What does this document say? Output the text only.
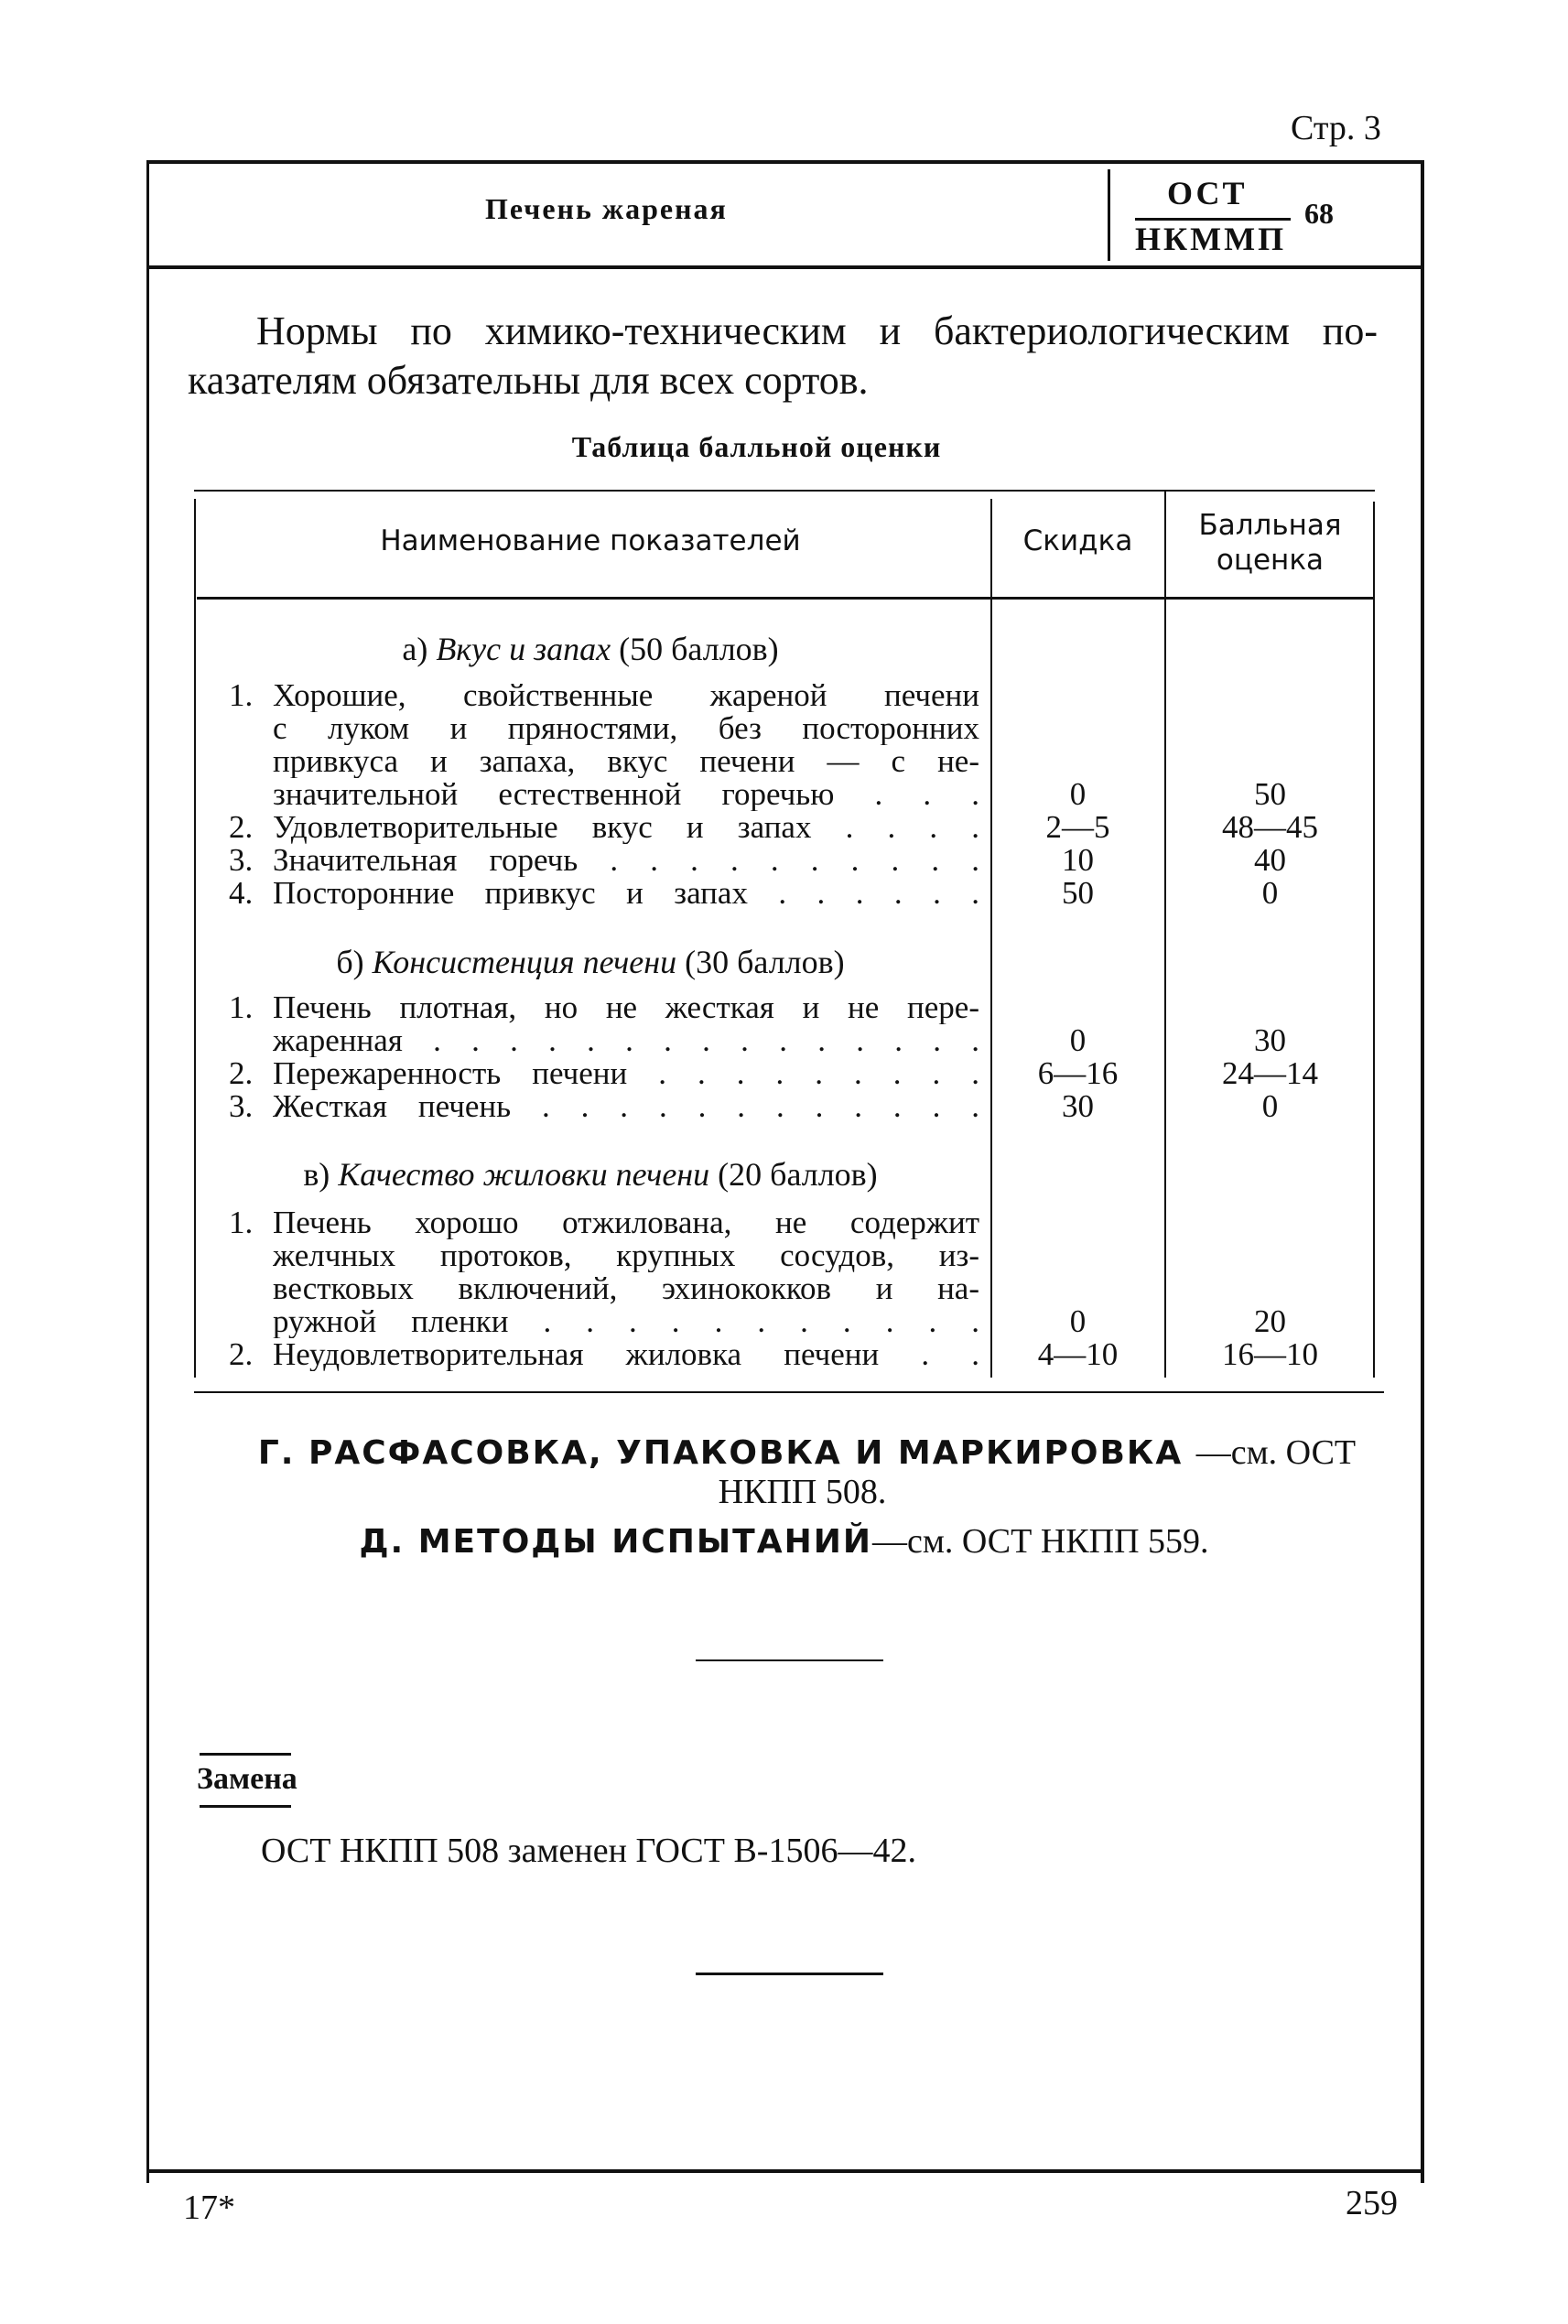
Стр. 3
Печень жареная	ОСТ
НКММП
68
Нормы по химико-техническим и бактериологическим по-
казателям обязательны для всех сортов.
Таблица балльной оценки
Наименование показателей	Скидка	Балльная
оценка
а) Вкус и запах (50 баллов)
1. Хорошие, свойственные жареной печени
с луком и пряностями, без посторонних
привкуса и запаха, вкус печени — с не-
значительной естественной горечью . . .	0	50
2. Удовлетворительные вкус и запах . . . .	2—5	48—45
3. Значительная горечь . . . . . . . . . .	10	40
4. Посторонние привкус и запах . . . . . .	50	0
б) Консистенция печени (30 баллов)
1. Печень плотная, но не жесткая и не пере-
жаренная . . . . . . . . . . . . . . .	0	30
2. Пережаренность печени . . . . . . . . .	6—16	24—14
3. Жесткая печень . . . . . . . . . . . .	30	0
в) Качество жиловки печени (20 баллов)
1. Печень хорошо отжилована, не содержит
желчных протоков, крупных сосудов, из-
вестковых включений, эхинококков и на-
ружной пленки . . . . . . . . . . .	0	20
2. Неудовлетворительная жиловка печени . .	4—10	16—10
Г. РАСФАСОВКА, УПАКОВКА И МАРКИРОВКА —см. ОСТ
НКПП 508.
Д. МЕТОДЫ ИСПЫТАНИЙ—см. ОСТ НКПП 559.
Замена
ОСТ НКПП 508 заменен ГОСТ В-1506—42.
17*	259
